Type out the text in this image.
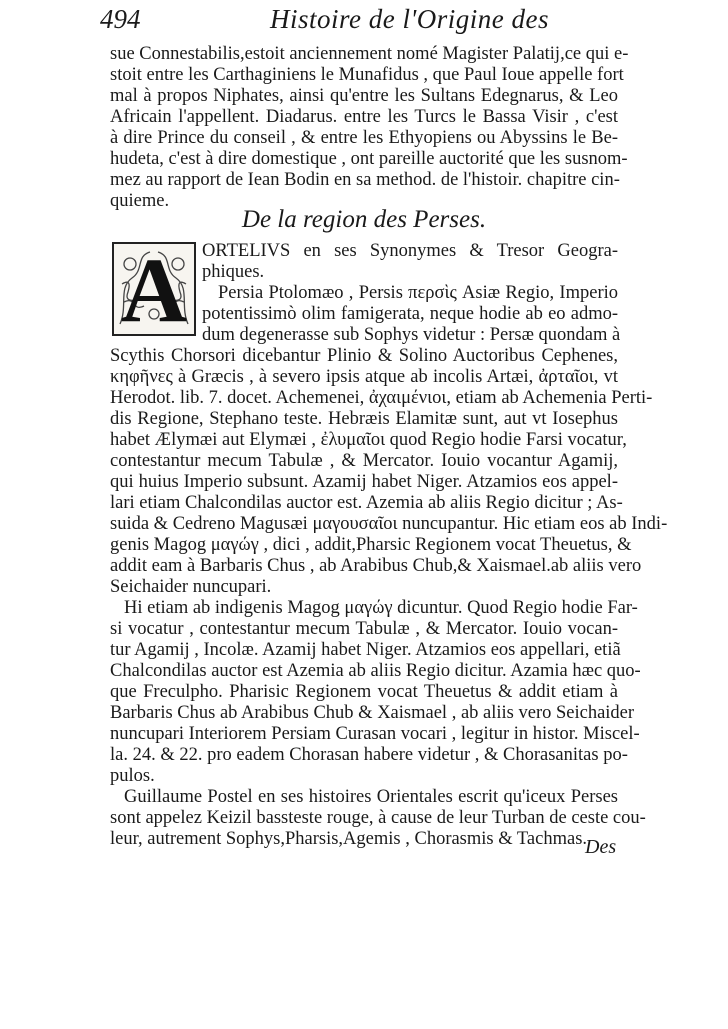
494	Histoire de l'Origine des
sue Connestabilis,estoit anciennement nomé Magister Palatij,ce qui e-
stoit entre les Carthaginiens le Munafidus , que Paul Ioue appelle fort
mal à propos Niphates, ainsi qu'entre les Sultans Edegnarus, & Leo
Africain l'appellent. Diadarus. entre les Turcs le Bassa Visir , c'est
à dire Prince du conseil , & entre les Ethyopiens ou Abyssins le Be-
hudeta, c'est à dire domestique , ont pareille auctorité que les susnom-
mez au rapport de Iean Bodin en sa method. de l'histoir. chapitre cin-
quieme.
De la region des Perses.
A ORTELIVS en ses Synonymes & Tresor Geogra-
phiques.
Persia Ptolomæo , Persis περσὶς Asiæ Regio, Imperio
potentissimò olim famigerata, neque hodie ab eo admo-
dum degenerasse sub Sophys videtur : Persæ quondam à
Scythis Chorsori dicebantur Plinio & Solino Auctoribus Cephenes,
κηφῆνες à Græcis , à severo ipsis atque ab incolis Artæi, ἀρταῖοι, vt
Herodot. lib. 7. docet. Achemenei, ἀχαιμένιοι, etiam ab Achemenia Perti-
dis Regione, Stephano teste. Hebræis Elamitæ sunt, aut vt Iosephus
habet Ælymæi aut Elymæi , ἐλυμαῖοι quod Regio hodie Farsi vocatur,
contestantur mecum Tabulæ , & Mercator. Iouio vocantur Agamij,
qui huius Imperio subsunt. Azamij habet Niger. Atzamios eos appel-
lari etiam Chalcondilas auctor est. Azemia ab aliis Regio dicitur ; As-
suida & Cedreno Magusæi μαγουσαῖοι nuncupantur. Hic etiam eos ab Indi-
genis Magog μαγώγ , dici , addit,Pharsic Regionem vocat Theuetus, &
addit eam à Barbaris Chus , ab Arabibus Chub,& Xaismael.ab aliis vero
Seichaider nuncupari.
Hi etiam ab indigenis Magog μαγώγ dicuntur. Quod Regio hodie Far-
si vocatur , contestantur mecum Tabulæ , & Mercator. Iouio vocan-
tur Agamij , Incolæ. Azamij habet Niger. Atzamios eos appellari, etiã
Chalcondilas auctor est Azemia ab aliis Regio dicitur. Azamia hæc quo-
que Freculpho. Pharisic Regionem vocat Theuetus & addit etiam à
Barbaris Chus ab Arabibus Chub & Xaismael , ab aliis vero Seichaider
nuncupari Interiorem Persiam Curasan vocari , legitur in histor. Miscel-
la. 24. & 22. pro eadem Chorasan habere videtur , & Chorasanitas po-
pulos.
Guillaume Postel en ses histoires Orientales escrit qu'iceux Perses
sont appelez Keizil bassteste rouge, à cause de leur Turban de ceste cou-
leur, autrement Sophys,Pharsis,Agemis , Chorasmis & Tachmas.
Des
